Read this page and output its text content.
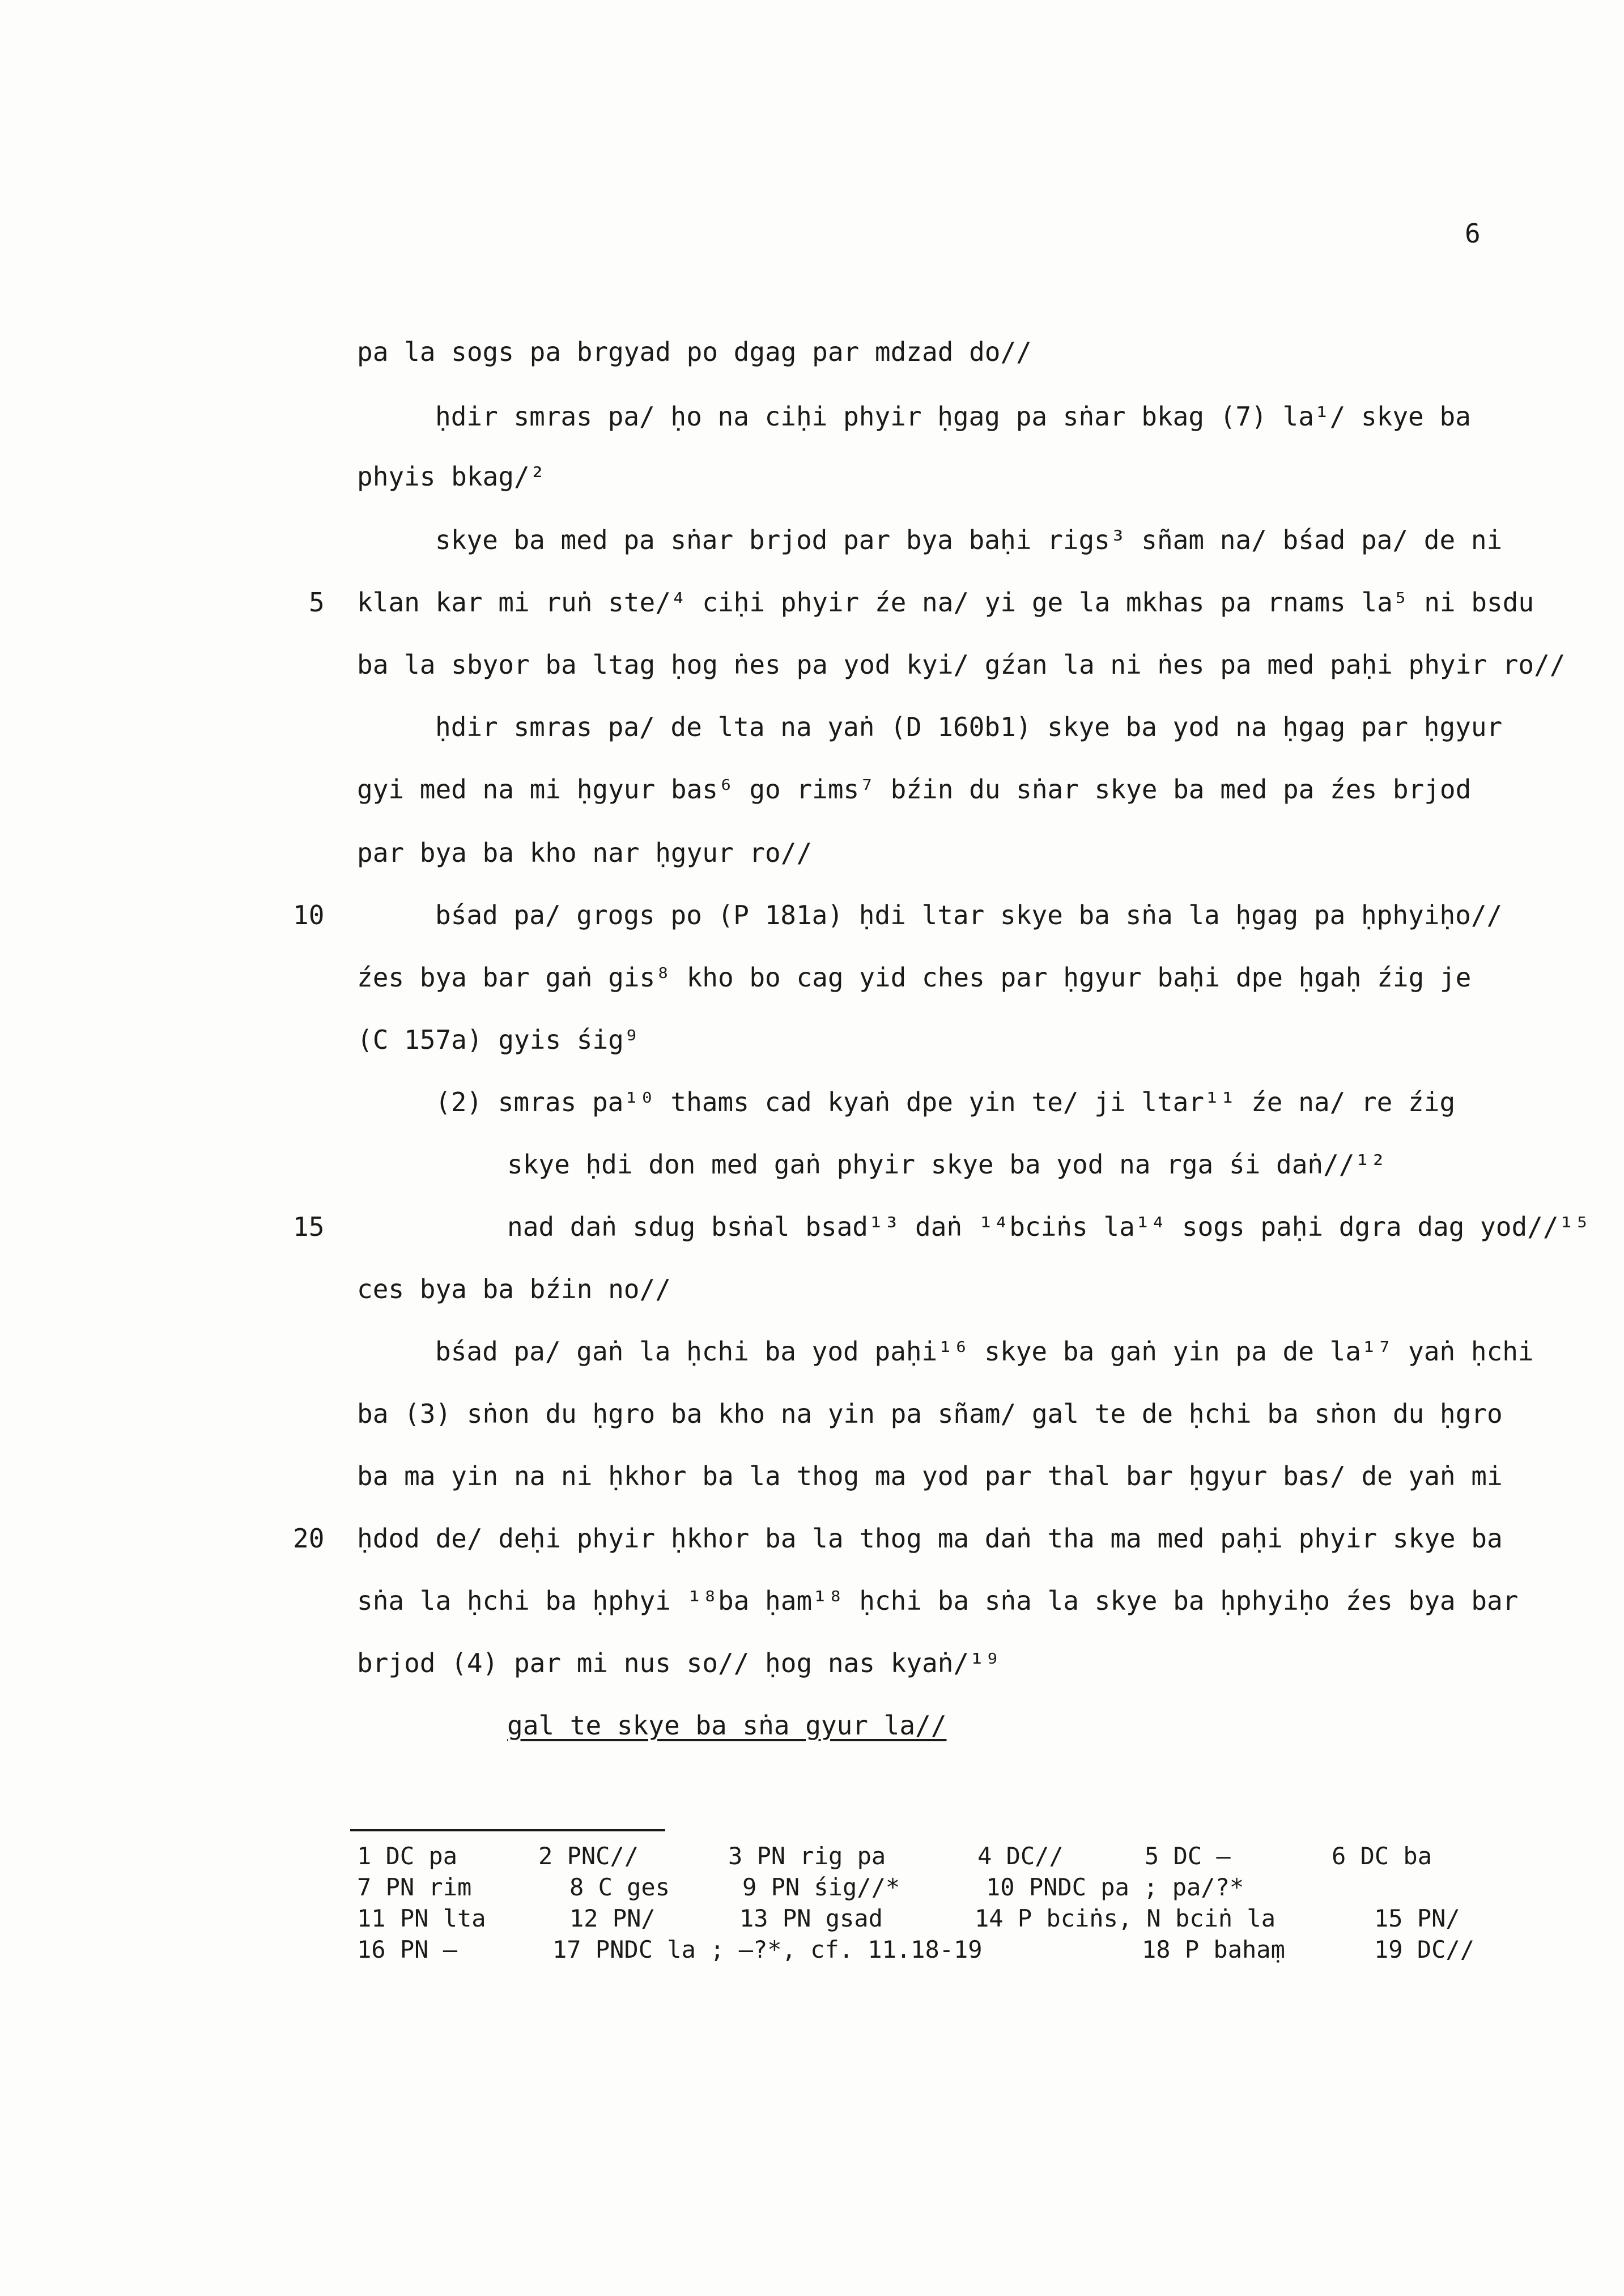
6
pa la sogs pa brgyad po dgag par mdzad do//
ḥdir smras pa/ ḥo na ciḥi phyir ḥgag pa sṅar bkag (7) la¹/ skye ba
phyis bkag/²
skye ba med pa sṅar brjod par bya baḥi rigs³ sñam na/ bśad pa/ de ni
5 klan kar mi ruṅ ste/⁴ ciḥi phyir źe na/ yi ge la mkhas pa rnams la⁵ ni bsdu
ba la sbyor ba ltag ḥog ṅes pa yod kyi/ gźan la ni ṅes pa med paḥi phyir ro//
ḥdir smras pa/ de lta na yaṅ (D 160b1) skye ba yod na ḥgag par ḥgyur
gyi med na mi ḥgyur bas⁶ go rims⁷ bźin du sṅar skye ba med pa źes brjod
par bya ba kho nar ḥgyur ro//
10	bśad pa/ grogs po (P 181a) ḥdi ltar skye ba sṅa la ḥgag pa ḥphyiḥo//
źes bya bar gaṅ gis⁸ kho bo cag yid ches par ḥgyur baḥi dpe ḥgaḥ źig je
(C 157a) gyis śig⁹
(2) smras pa¹⁰ thams cad kyaṅ dpe yin te/ ji ltar¹¹ źe na/ re źig
skye ḥdi don med gaṅ phyir skye ba yod na rga śi daṅ//¹²
15	nad daṅ sdug bsṅal bsad¹³ daṅ ¹⁴bciṅs la¹⁴ sogs paḥi dgra dag yod//¹⁵
ces bya ba bźin no//
bśad pa/ gaṅ la ḥchi ba yod paḥi¹⁶ skye ba gaṅ yin pa de la¹⁷ yaṅ ḥchi
ba (3) sṅon du ḥgro ba kho na yin pa sñam/ gal te de ḥchi ba sṅon du ḥgro
ba ma yin na ni ḥkhor ba la thog ma yod par thal bar ḥgyur bas/ de yaṅ mi
20 ḥdod de/ deḥi phyir ḥkhor ba la thog ma daṅ tha ma med paḥi phyir skye ba
sṅa la ḥchi ba ḥphyi ¹⁸ba ḥam¹⁸ ḥchi ba sṅa la skye ba ḥphyiḥo źes bya bar
brjod (4) par mi nus so// ḥog nas kyaṅ/¹⁹
gal te skye ba sṅa gyur la//
1 DC pa	2 PNC//	3 PN rig pa	4 DC//	5 DC —	6 DC ba
7 PN rim	8 C ges	9 PN śig//*	10 PNDC pa ; pa/?*
11 PN lta	12 PN/	13 PN gsad	14 P bciṅs, N bciṅ la	15 PN/
16 PN —	17 PNDC la ; —?*, cf. 11.18-19	18 P bahaṃ	19 DC//
